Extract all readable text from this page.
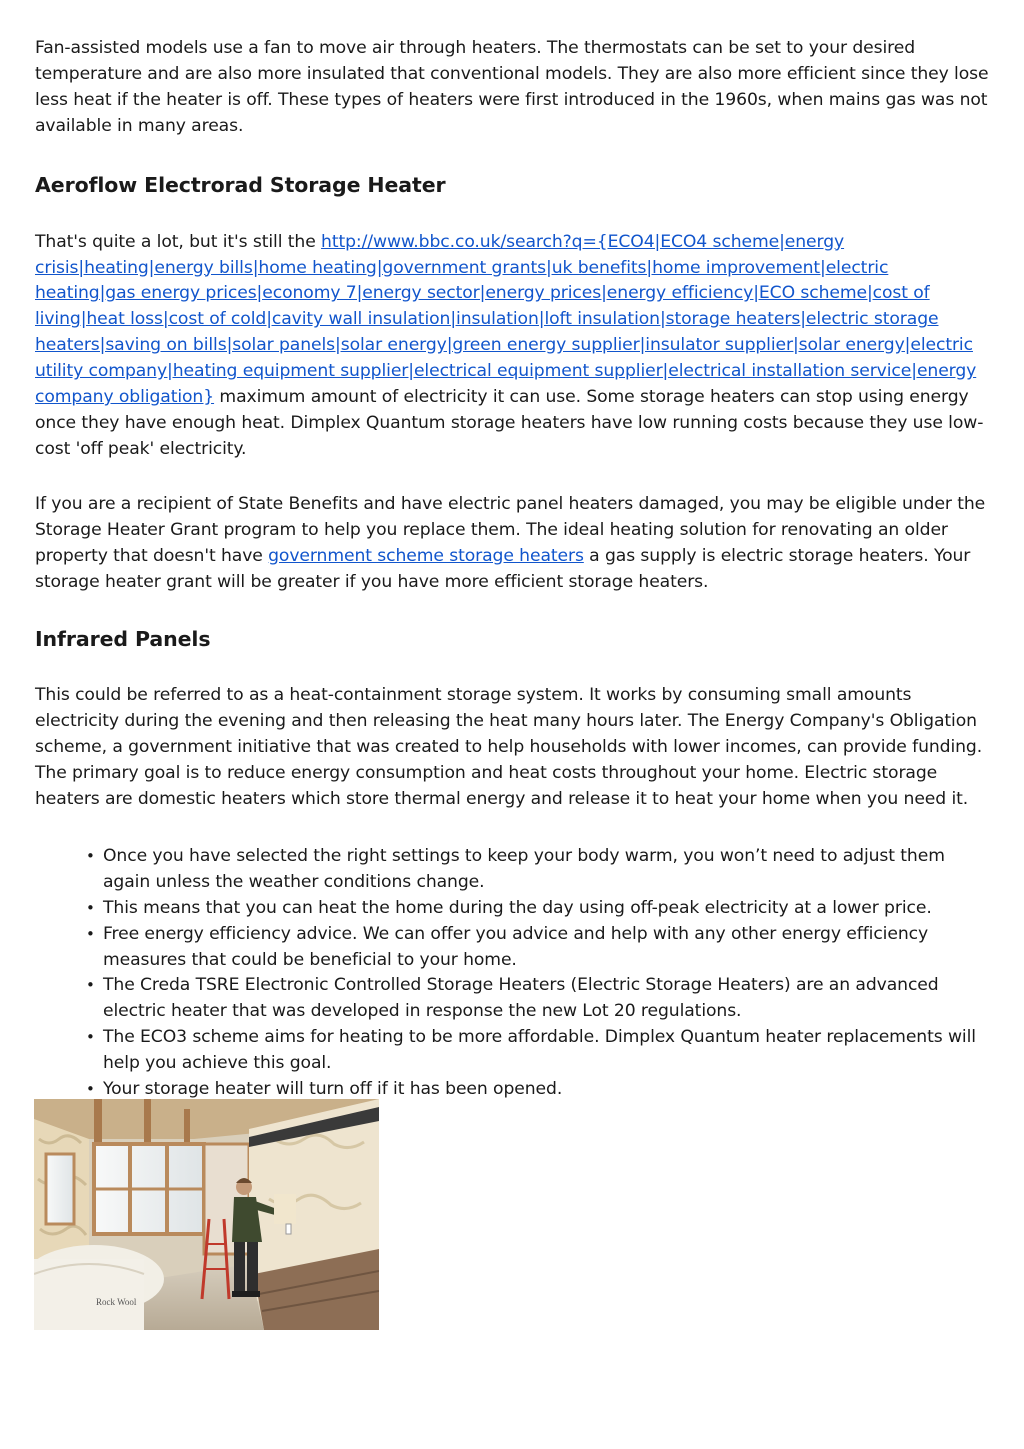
Fan-assisted models use a fan to move air through heaters. The thermostats can be set to your desired temperature and are also more insulated that conventional models. They are also more efficient since they lose less heat if the heater is off. These types of heaters were first introduced in the 1960s, when mains gas was not available in many areas.

Aeroflow Electrorad Storage Heater

That's quite a lot, but it's still the http://www.bbc.co.uk/search?q={ECO4|ECO4 scheme|energy crisis|heating|energy bills|home heating|government grants|uk benefits|home improvement|electric heating|gas energy prices|economy 7|energy sector|energy prices|energy efficiency|ECO scheme|cost of living|heat loss|cost of cold|cavity wall insulation|insulation|loft insulation|storage heaters|electric storage heaters|saving on bills|solar panels|solar energy|green energy supplier|insulator supplier|solar energy|electric utility company|heating equipment supplier|electrical equipment supplier|electrical installation service|energy company obligation} maximum amount of electricity it can use. Some storage heaters can stop using energy once they have enough heat. Dimplex Quantum storage heaters have low running costs because they use low-cost 'off peak' electricity.

If you are a recipient of State Benefits and have electric panel heaters damaged, you may be eligible under the Storage Heater Grant program to help you replace them. The ideal heating solution for renovating an older property that doesn't have government scheme storage heaters a gas supply is electric storage heaters. Your storage heater grant will be greater if you have more efficient storage heaters.

Infrared Panels

This could be referred to as a heat-containment storage system. It works by consuming small amounts electricity during the evening and then releasing the heat many hours later. The Energy Company's Obligation scheme, a government initiative that was created to help households with lower incomes, can provide funding. The primary goal is to reduce energy consumption and heat costs throughout your home. Electric storage heaters are domestic heaters which store thermal energy and release it to heat your home when you need it.

• Once you have selected the right settings to keep your body warm, you won’t need to adjust them again unless the weather conditions change.
• This means that you can heat the home during the day using off-peak electricity at a lower price.
• Free energy efficiency advice. We can offer you advice and help with any other energy efficiency measures that could be beneficial to your home.
• The Creda TSRE Electronic Controlled Storage Heaters (Electric Storage Heaters) are an advanced electric heater that was developed in response the new Lot 20 regulations.
• The ECO3 scheme aims for heating to be more affordable. Dimplex Quantum heater replacements will help you achieve this goal.
• Your storage heater will turn off if it has been opened.
Rock Wool
